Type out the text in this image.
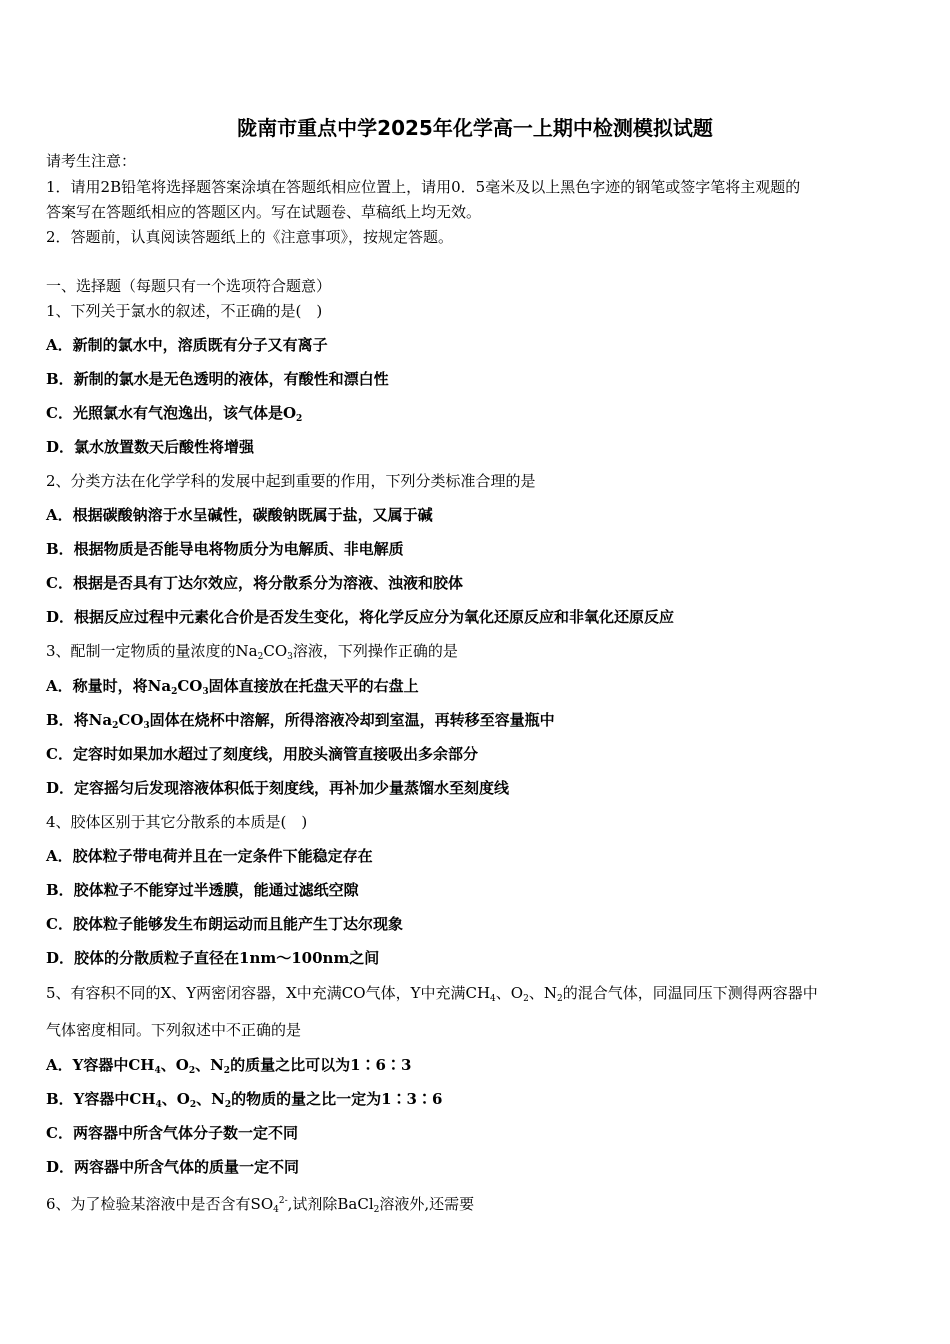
陇南市重点中学2025年化学高一上期中检测模拟试题
请考生注意：
1．请用2B铅笔将选择题答案涂填在答题纸相应位置上，请用0．5毫米及以上黑色字迹的钢笔或签字笔将主观题的
答案写在答题纸相应的答题区内。写在试题卷、草稿纸上均无效。
2．答题前，认真阅读答题纸上的《注意事项》，按规定答题。
一、选择题（每题只有一个选项符合题意）
1、下列关于氯水的叙述，不正确的是(　)
A．新制的氯水中，溶质既有分子又有离子
B．新制的氯水是无色透明的液体，有酸性和漂白性
C．光照氯水有气泡逸出，该气体是$O_2$
D．氯水放置数天后酸性将增强
2、分类方法在化学学科的发展中起到重要的作用，下列分类标准合理的是
A．根据碳酸钠溶于水呈碱性，碳酸钠既属于盐，又属于碱
B．根据物质是否能导电将物质分为电解质、非电解质
C．根据是否具有丁达尔效应，将分散系分为溶液、浊液和胶体
D．根据反应过程中元素化合价是否发生变化，将化学反应分为氧化还原反应和非氧化还原反应
3、配制一定物质的量浓度的$Na_2CO_3$溶液，下列操作正确的是
A．称量时，将$Na_2CO_3$固体直接放在托盘天平的右盘上
B．将$Na_2CO_3$固体在烧杯中溶解，所得溶液冷却到室温，再转移至容量瓶中
C．定容时如果加水超过了刻度线，用胶头滴管直接吸出多余部分
D．定容摇匀后发现溶液体积低于刻度线，再补加少量蒸馏水至刻度线
4、胶体区别于其它分散系的本质是(　)
A．胶体粒子带电荷并且在一定条件下能稳定存在
B．胶体粒子不能穿过半透膜，能通过滤纸空隙
C．胶体粒子能够发生布朗运动而且能产生丁达尔现象
D．胶体的分散质粒子直径在1nm～100nm之间
5、有容积不同的X、Y两密闭容器，X中充满CO气体，Y中充满$CH_4$、$O_2$、$N_2$的混合气体，同温同压下测得两容器中
气体密度相同。下列叙述中不正确的是
A．Y容器中$CH_4$、$O_2$、$N_2$的质量之比可以为1∶6∶3
B．Y容器中$CH_4$、$O_2$、$N_2$的物质的量之比一定为1∶3∶6
C．两容器中所含气体分子数一定不同
D．两容器中所含气体的质量一定不同
6、为了检验某溶液中是否含有$SO_4^{2-}$,试剂除BaCl$_2$溶液外,还需要
